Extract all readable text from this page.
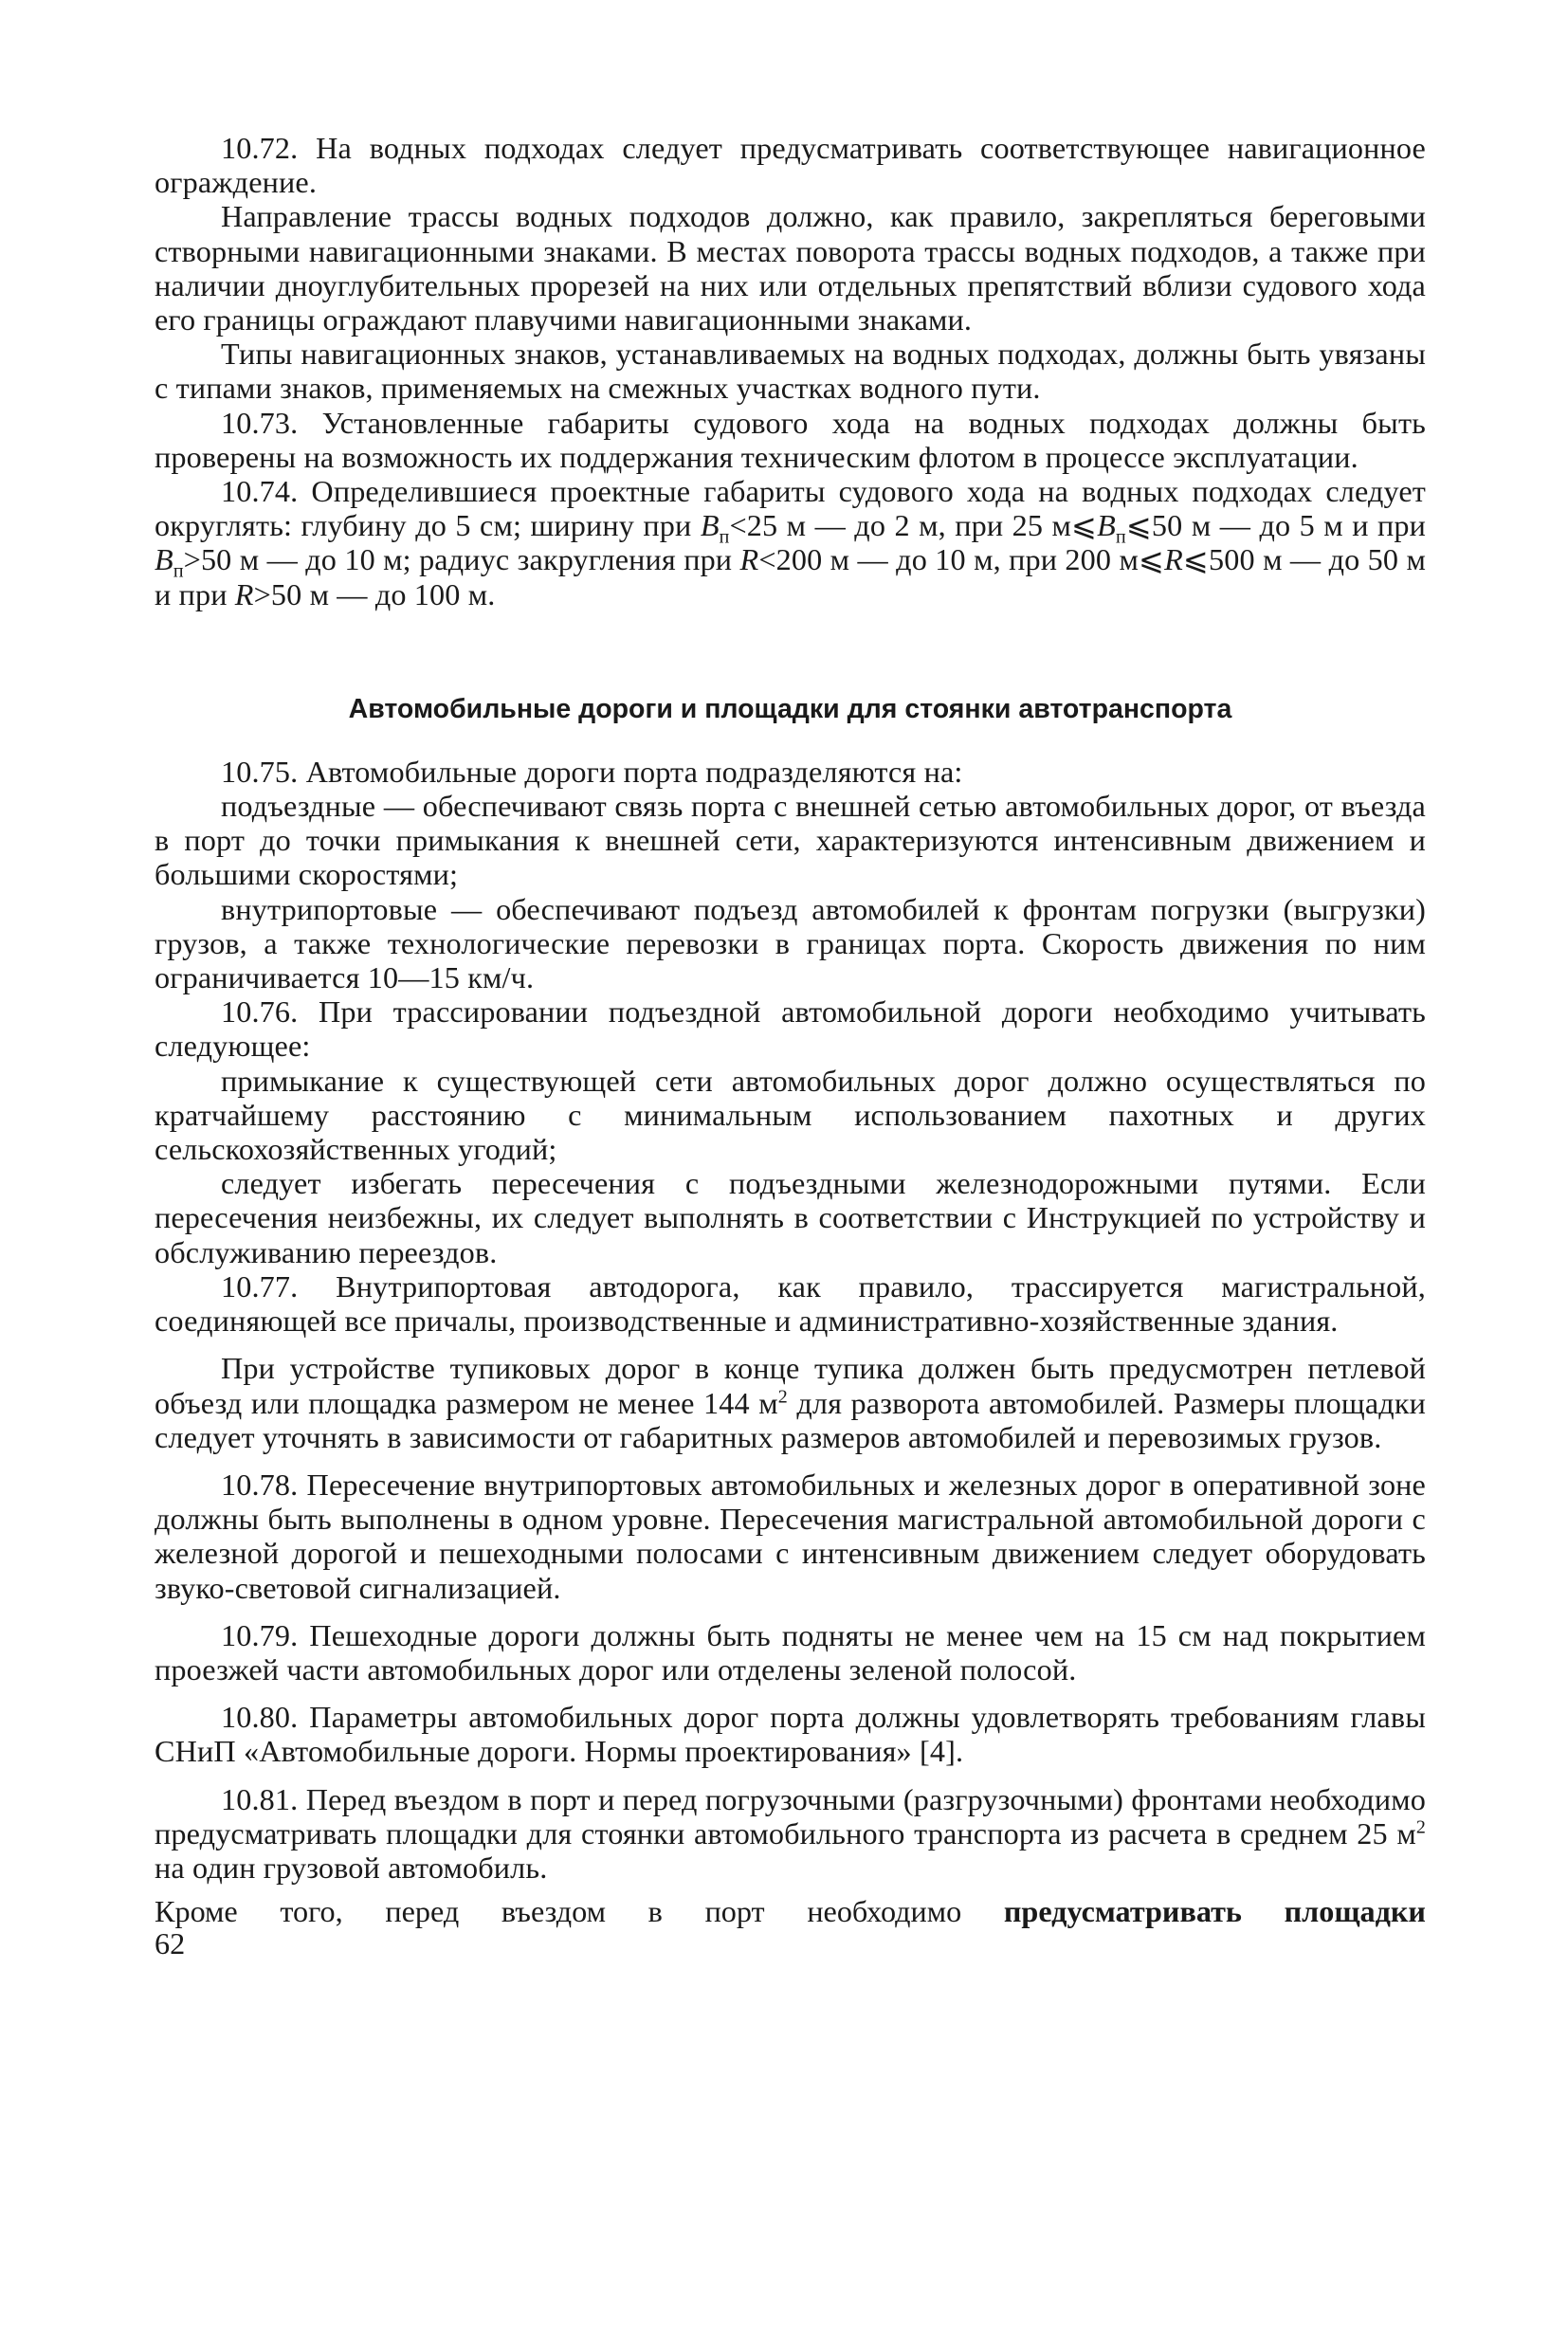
10.72. На водных подходах следует предусматривать соответствующее навигационное ограждение.

Направление трассы водных подходов должно, как правило, закрепляться береговыми створными навигационными знаками. В местах поворота трассы водных подходов, а также при наличии дноуглубительных прорезей на них или отдельных препятствий вблизи судового хода его границы ограждают плавучими навигационными знаками.

Типы навигационных знаков, устанавливаемых на водных подходах, должны быть увязаны с типами знаков, применяемых на смежных участках водного пути.

10.73. Установленные габариты судового хода на водных подходах должны быть проверены на возможность их поддержания техническим флотом в процессе эксплуатации.

10.74. Определившиеся проектные габариты судового хода на водных подходах следует округлять: глубину до 5 см; ширину при $B_п<25$ м — до 2 м, при 25 $м⩽B_п⩽50$ м — до 5 м и при $B_п>50$ м — до 10 м; радиус закругления при R<200 м — до 10 м, при 200 м⩽R⩽500 м — до 50 м и при R>50 м — до 100 м.

Автомобильные дороги и площадки для стоянки автотранспорта

10.75. Автомобильные дороги порта подразделяются на:

подъездные — обеспечивают связь порта с внешней сетью автомобильных дорог, от въезда в порт до точки примыкания к внешней сети, характеризуются интенсивным движением и большими скоростями;

внутрипортовые — обеспечивают подъезд автомобилей к фронтам погрузки (выгрузки) грузов, а также технологические перевозки в границах порта. Скорость движения по ним ограничивается 10—15 км/ч.

10.76. При трассировании подъездной автомобильной дороги необходимо учитывать следующее:

примыкание к существующей сети автомобильных дорог должно осуществляться по кратчайшему расстоянию с минимальным использованием пахотных и других сельскохозяйственных угодий;

следует избегать пересечения с подъездными железнодорожными путями. Если пересечения неизбежны, их следует выполнять в соответствии с Инструкцией по устройству и обслуживанию переездов.

10.77. Внутрипортовая автодорога, как правило, трассируется магистральной, соединяющей все причалы, производственные и административно-хозяйственные здания.

При устройстве тупиковых дорог в конце тупика должен быть предусмотрен петлевой объезд или площадка размером не менее 144 $м^2$ для разворота автомобилей. Размеры площадки следует уточнять в зависимости от габаритных размеров автомобилей и перевозимых грузов.

10.78. Пересечение внутрипортовых автомобильных и железных дорог в оперативной зоне должны быть выполнены в одном уровне. Пересечения магистральной автомобильной дороги с железной дорогой и пешеходными полосами с интенсивным движением следует оборудовать звуко-световой сигнализацией.

10.79. Пешеходные дороги должны быть подняты не менее чем на 15 см над покрытием проезжей части автомобильных дорог или отделены зеленой полосой.

10.80. Параметры автомобильных дорог порта должны удовлетворять требованиям главы СНиП «Автомобильные дороги. Нормы проектирования» [4].

10.81. Перед въездом в порт и перед погрузочными (разгрузочными) фронтами необходимо предусматривать площадки для стоянки автомобильного транспорта из расчета в среднем 25 $м^2$ на один грузовой автомобиль.

Кроме того, перед въездом в порт необходимо предусматривать площадки

62
